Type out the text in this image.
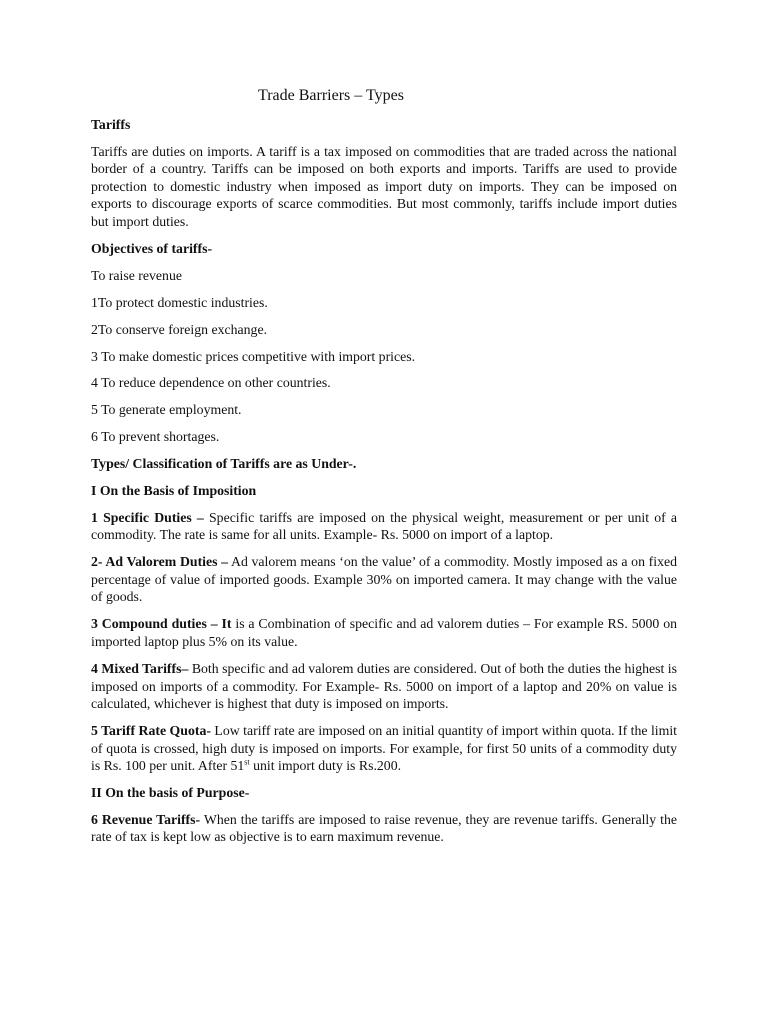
Trade Barriers – Types

Tariffs

Tariffs are duties on imports. A tariff is a tax imposed on commodities that are traded across the national border of a country. Tariffs can be imposed on both exports and imports. Tariffs are used to provide protection to domestic industry when imposed as import duty on imports. They can be imposed on exports to discourage exports of scarce commodities. But most commonly, tariffs include import duties but import duties.

Objectives of tariffs-

To raise revenue

1To protect domestic industries.

2To conserve foreign exchange.

3 To make domestic prices competitive with import prices.

4 To reduce dependence on other countries.

5 To generate employment.

6 To prevent shortages.

Types/ Classification of Tariffs are as Under-.

I On the Basis of Imposition

1 Specific Duties – Specific tariffs are imposed on the physical weight, measurement or per unit of a commodity. The rate is same for all units. Example- Rs. 5000 on import of a laptop.

2- Ad Valorem Duties – Ad valorem means ‘on the value’ of a commodity. Mostly imposed as a on fixed percentage of value of imported goods. Example 30% on imported camera. It may change with the value of goods.

3 Compound duties – It is a Combination of specific and ad valorem duties – For example RS. 5000 on imported laptop plus 5% on its value.

4 Mixed Tariffs– Both specific and ad valorem duties are considered. Out of both the duties the highest is imposed on imports of a commodity. For Example- Rs. 5000 on import of a laptop and 20% on value is calculated, whichever is highest that duty is imposed on imports.

5 Tariff Rate Quota- Low tariff rate are imposed on an initial quantity of import within quota. If the limit of quota is crossed, high duty is imposed on imports. For example, for first 50 units of a commodity duty is Rs. 100 per unit. After 51st unit import duty is Rs.200.

II On the basis of Purpose-

6 Revenue Tariffs- When the tariffs are imposed to raise revenue, they are revenue tariffs. Generally the rate of tax is kept low as objective is to earn maximum revenue.
